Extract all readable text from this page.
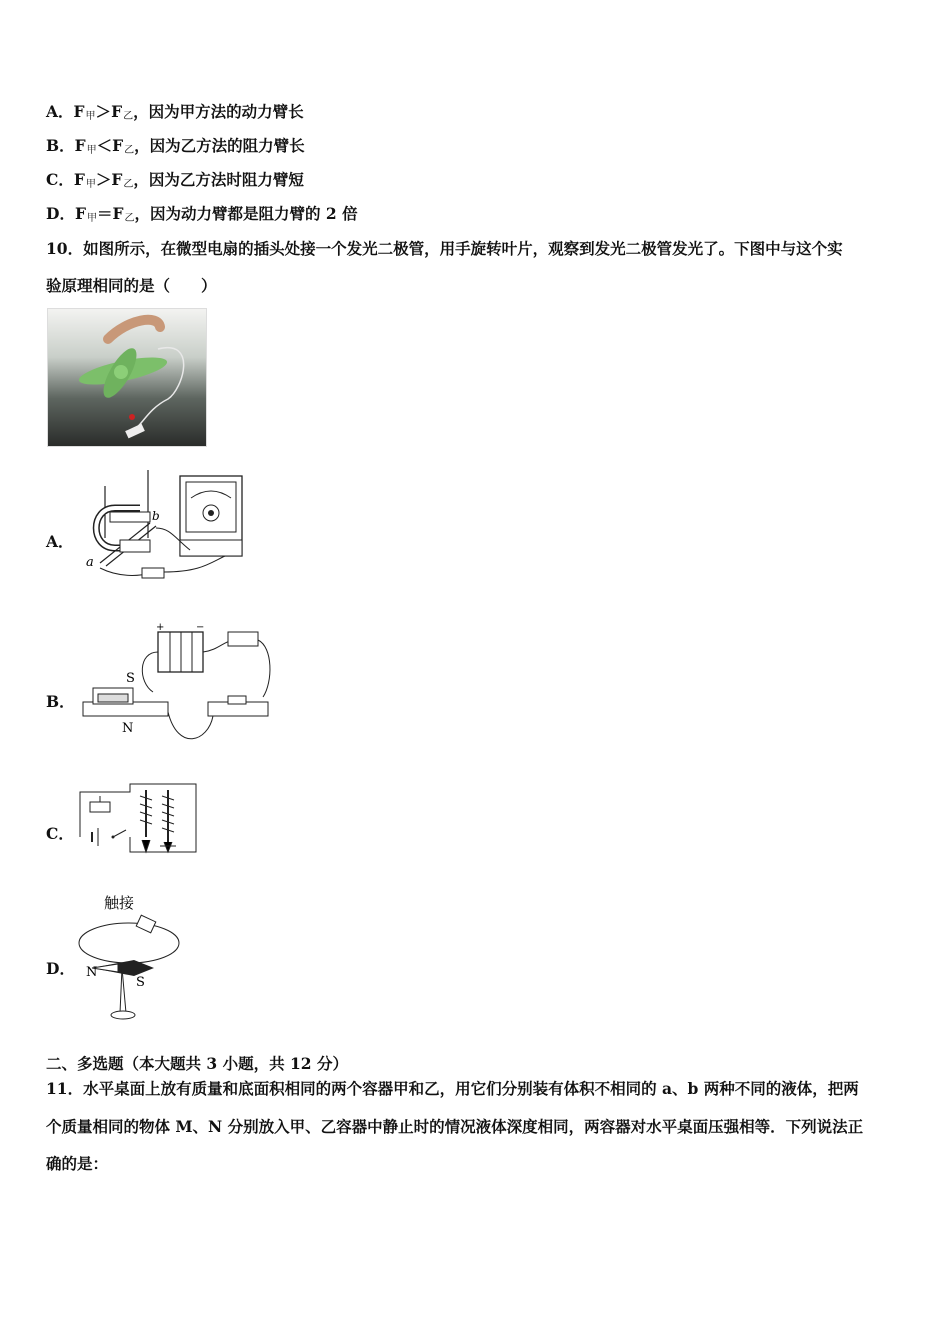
A．$F_甲>F_乙$，因为甲方法的动力臂长
B．$F_甲<F_乙$，因为乙方法的阻力臂长
C．$F_甲>F_乙$，因为乙方法时阻力臂短
D．$F_甲=F_乙$，因为动力臂都是阻力臂的 2 倍
10．如图所示，在微型电扇的插头处接一个发光二极管，用手旋转叶片，观察到发光二极管发光了。下图中与这个实
验原理相同的是（　　）
A．
a
b
B．
+	−
S
N
C．
D．
触接
N
S
二、多选题（本大题共 3 小题，共 12 分）
11．水平桌面上放有质量和底面积相同的两个容器甲和乙，用它们分别装有体积不相同的 a、b 两种不同的液体，把两
个质量相同的物体 M、N 分别放入甲、乙容器中静止时的情况液体深度相同，两容器对水平桌面压强相等．下列说法正
确的是：
